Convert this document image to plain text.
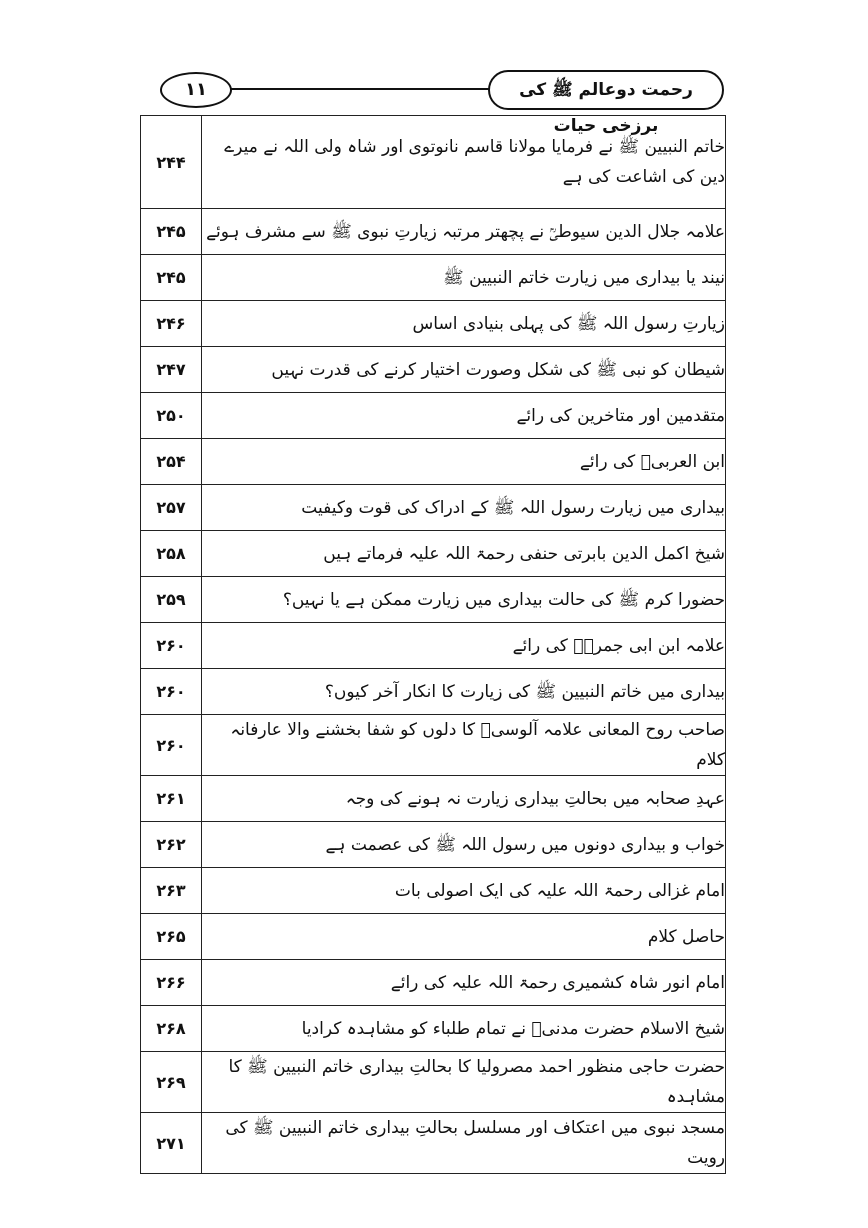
۱۱	رحمت دوعالم ﷺ کی برزخی حیات
۲۴۴	خاتم النبیین ﷺ نے فرمایا مولانا قاسم نانوتوی اور شاہ ولی اللہ نے میرے دین کی اشاعت کی ہے
۲۴۵	علامہ جلال الدین سیوطیؒ نے پچھتر مرتبہ زیارتِ نبوی ﷺ سے مشرف ہوئے
۲۴۵	نیند یا بیداری میں زیارت خاتم النبیین ﷺ
۲۴۶	زیارتِ رسول اللہ ﷺ کی پہلی بنیادی اساس
۲۴۷	شیطان کو نبی ﷺ کی شکل وصورت اختیار کرنے کی قدرت نہیں
۲۵۰	متقدمین اور متاخرین کی رائے
۲۵۴	ابن العربیؒ کی رائے
۲۵۷	بیداری میں زیارت رسول اللہ ﷺ کے ادراک کی قوت وکیفیت
۲۵۸	شیخ اکمل الدین بابرتی حنفی رحمۃ اللہ علیہ فرماتے ہیں
۲۵۹	حضورا کرم ﷺ کی حالت بیداری میں زیارت ممکن ہے یا نہیں؟
۲۶۰	علامہ ابن ابی جمرہؒ کی رائے
۲۶۰	بیداری میں خاتم النبیین ﷺ کی زیارت کا انکار آخر کیوں؟
۲۶۰	صاحب روح المعانی علامہ آلوسیؒ کا دلوں کو شفا بخشنے والا عارفانہ کلام
۲۶۱	عہدِ صحابہ میں بحالتِ بیداری زیارت نہ ہونے کی وجہ
۲۶۲	خواب و بیداری دونوں میں رسول اللہ ﷺ کی عصمت ہے
۲۶۳	امام غزالی رحمۃ اللہ علیہ کی ایک اصولی بات
۲۶۵	حاصل کلام
۲۶۶	امام انور شاہ کشمیری رحمۃ اللہ علیہ کی رائے
۲۶۸	شیخ الاسلام حضرت مدنیؒ نے تمام طلباء کو مشاہدہ کرادیا
۲۶۹	حضرت حاجی منظور احمد مصرولیا کا بحالتِ بیداری خاتم النبیین ﷺ کا مشاہدہ
۲۷۱	مسجد نبوی میں اعتکاف اور مسلسل بحالتِ بیداری خاتم النبیین ﷺ کی رویت
